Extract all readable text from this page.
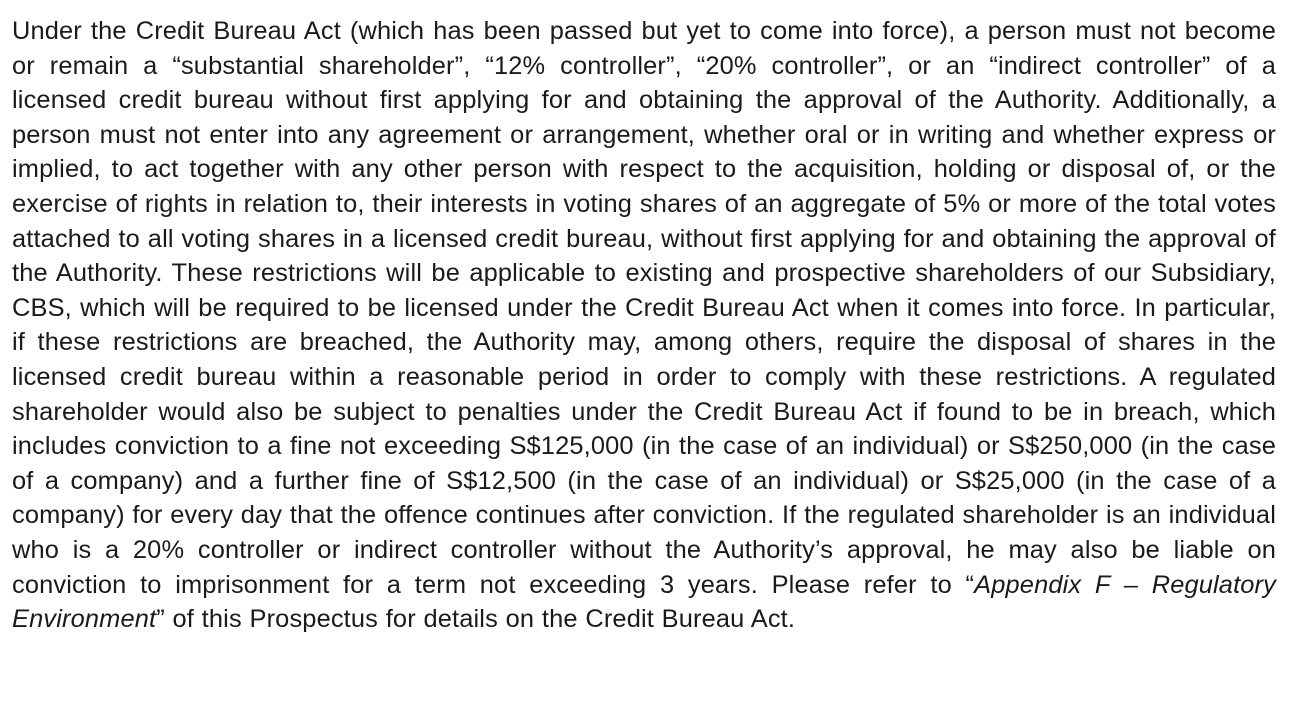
Under the Credit Bureau Act (which has been passed but yet to come into force), a person must not become or remain a “substantial shareholder”, “12% controller”, “20% controller”, or an “indirect controller” of a licensed credit bureau without first applying for and obtaining the approval of the Authority. Additionally, a person must not enter into any agreement or arrangement, whether oral or in writing and whether express or implied, to act together with any other person with respect to the acquisition, holding or disposal of, or the exercise of rights in relation to, their interests in voting shares of an aggregate of 5% or more of the total votes attached to all voting shares in a licensed credit bureau, without first applying for and obtaining the approval of the Authority. These restrictions will be applicable to existing and prospective shareholders of our Subsidiary, CBS, which will be required to be licensed under the Credit Bureau Act when it comes into force. In particular, if these restrictions are breached, the Authority may, among others, require the disposal of shares in the licensed credit bureau within a reasonable period in order to comply with these restrictions. A regulated shareholder would also be subject to penalties under the Credit Bureau Act if found to be in breach, which includes conviction to a fine not exceeding S$125,000 (in the case of an individual) or S$250,000 (in the case of a company) and a further fine of S$12,500 (in the case of an individual) or S$25,000 (in the case of a company) for every day that the offence continues after conviction. If the regulated shareholder is an individual who is a 20% controller or indirect controller without the Authority’s approval, he may also be liable on conviction to imprisonment for a term not exceeding 3 years. Please refer to “Appendix F – Regulatory Environment” of this Prospectus for details on the Credit Bureau Act.
